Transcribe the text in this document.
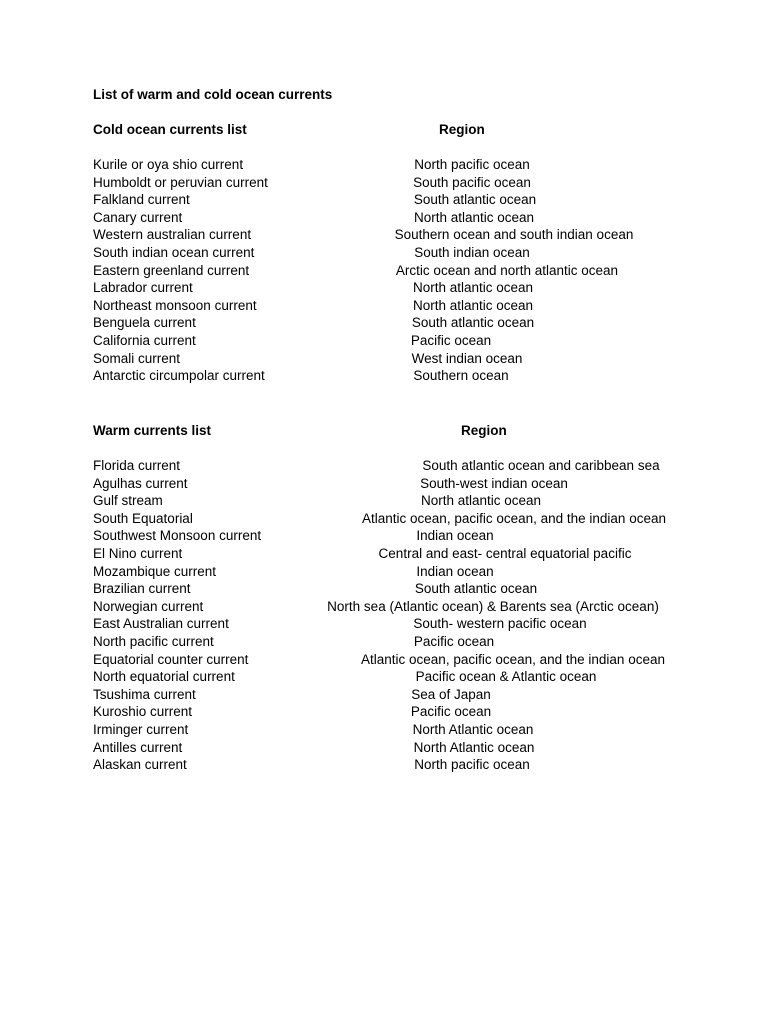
List of warm and cold ocean currents
Cold ocean currents list	Region
Kurile or oya shio current	North pacific ocean
Humboldt or peruvian current	South pacific ocean
Falkland current	South atlantic ocean
Canary current	North atlantic ocean
Western australian current	Southern ocean and south indian ocean
South indian ocean current	South indian ocean
Eastern greenland current	Arctic ocean and north atlantic ocean
Labrador current	North atlantic ocean
Northeast monsoon current	North atlantic ocean
Benguela current	South atlantic ocean
California current	Pacific ocean
Somali current	West indian ocean
Antarctic circumpolar current	Southern ocean
Warm currents list	Region
Florida current	South atlantic ocean and caribbean sea
Agulhas current	South-west indian ocean
Gulf stream	North atlantic ocean
South Equatorial	Atlantic ocean, pacific ocean, and the indian ocean
Southwest Monsoon current	Indian ocean
El Nino current	Central and east- central equatorial pacific
Mozambique current	Indian ocean
Brazilian current	South atlantic ocean
Norwegian current	North sea (Atlantic ocean) & Barents sea (Arctic ocean)
East Australian current	South- western pacific ocean
North pacific current	Pacific ocean
Equatorial counter current	Atlantic ocean, pacific ocean, and the indian ocean
North equatorial current	Pacific ocean & Atlantic ocean
Tsushima current	Sea of Japan
Kuroshio current	Pacific ocean
Irminger current	North Atlantic ocean
Antilles current	North Atlantic ocean
Alaskan current	North pacific ocean
